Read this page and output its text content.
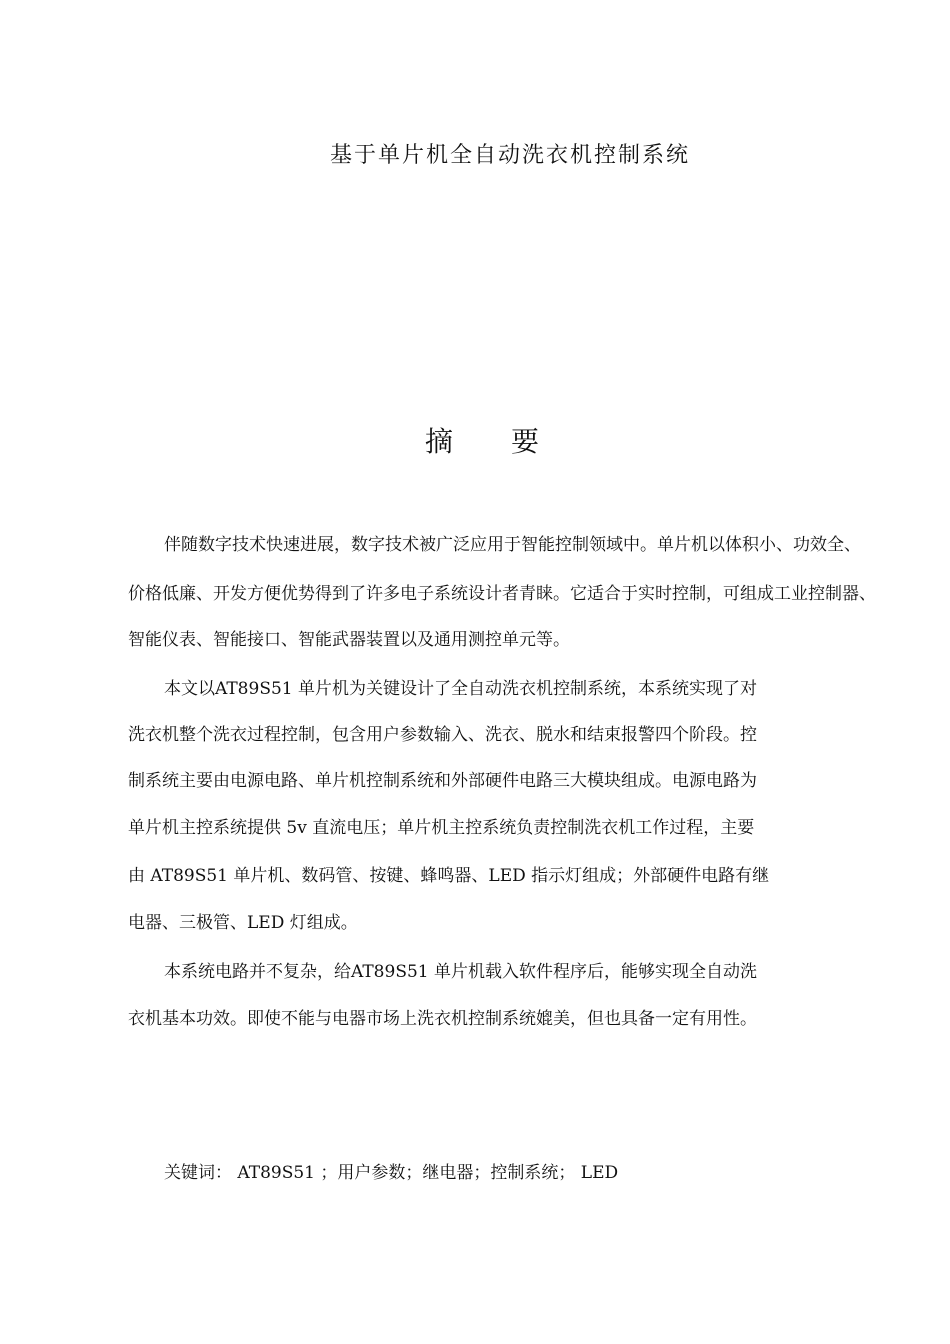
基于单片机全自动洗衣机控制系统
摘 要
伴随数字技术快速进展，数字技术被广泛应用于智能控制领域中。单片机以体积小、功效全、
价格低廉、开发方便优势得到了许多电子系统设计者青睐。它适合于实时控制，可组成工业控制器、
智能仪表、智能接口、智能武器装置以及通用测控单元等。
本文以AT89S51 单片机为关键设计了全自动洗衣机控制系统，本系统实现了对
洗衣机整个洗衣过程控制，包含用户参数输入、洗衣、脱水和结束报警四个阶段。控
制系统主要由电源电路、单片机控制系统和外部硬件电路三大模块组成。电源电路为
单片机主控系统提供 5v 直流电压；单片机主控系统负责控制洗衣机工作过程，主要
由 AT89S51 单片机、数码管、按键、蜂鸣器、LED 指示灯组成；外部硬件电路有继
电器、三极管、LED 灯组成。
本系统电路并不复杂，给AT89S51 单片机载入软件程序后，能够实现全自动洗
衣机基本功效。即使不能与电器市场上洗衣机控制系统媲美，但也具备一定有用性。
关键词： AT89S51 ；用户参数；继电器；控制系统； LED
